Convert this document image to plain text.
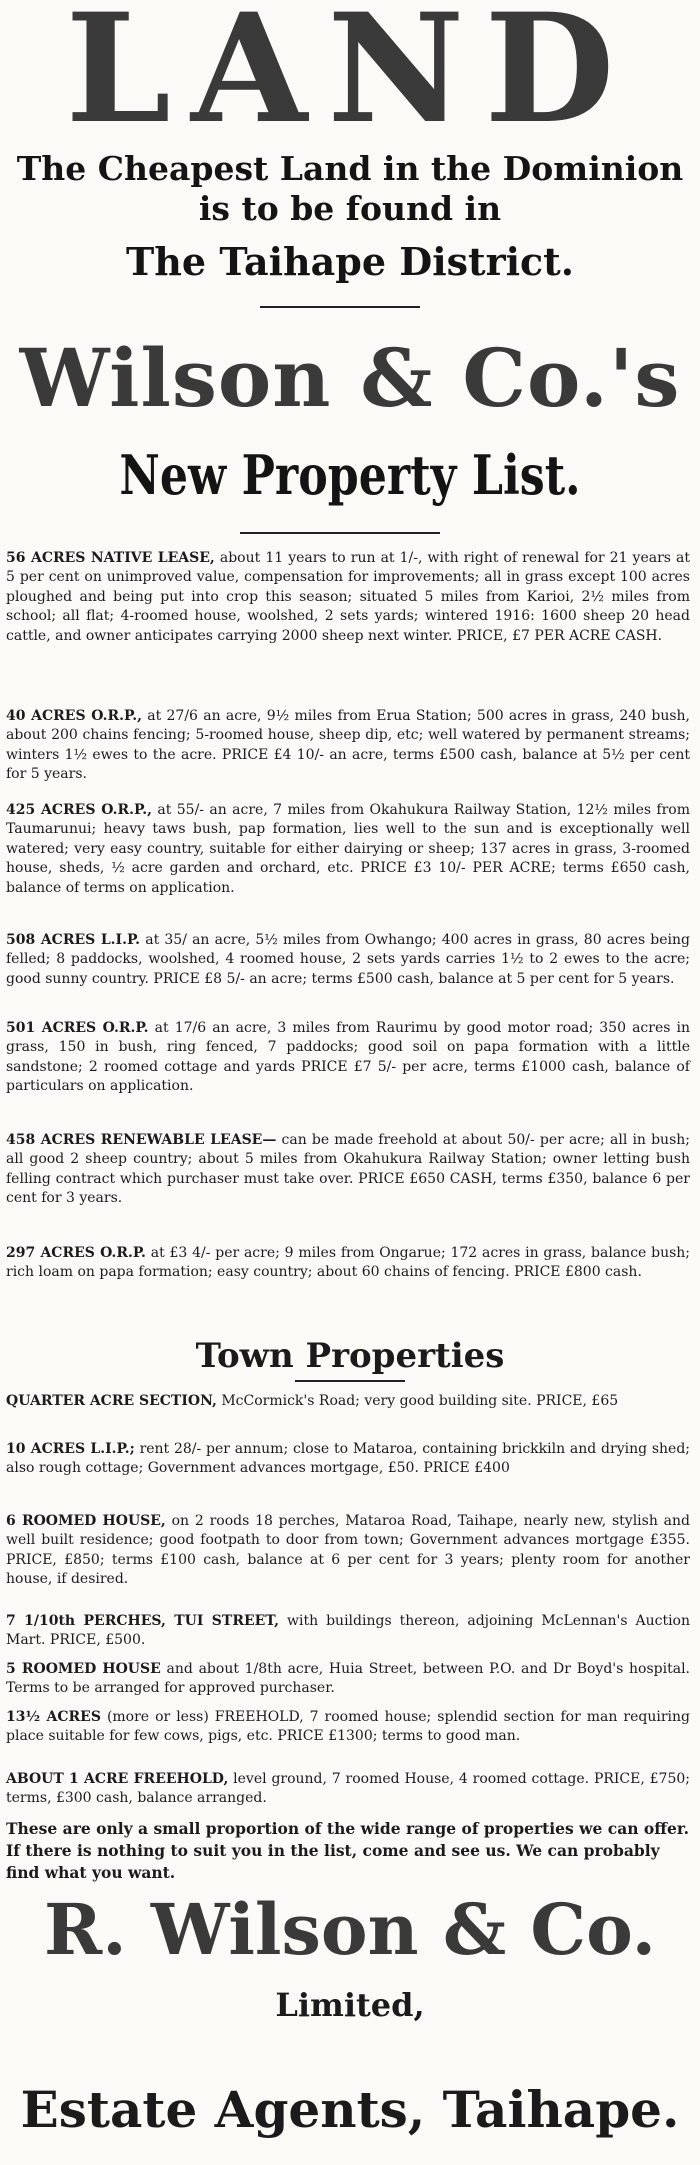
LAND
The Cheapest Land in the Dominion
is to be found in
The Taihape District.
Wilson & Co.'s
New Property List.
56 ACRES NATIVE LEASE, about 11 years to run at 1/-, with right of renewal for 21 years at 5 per cent on unimproved value, compensation for improvements; all in grass except 100 acres ploughed and being put into crop this season; situated 5 miles from Karioi, 2½ miles from school; all flat; 4-roomed house, woolshed, 2 sets yards; wintered 1916: 1600 sheep 20 head cattle, and owner anticipates carrying 2000 sheep next winter. PRICE, £7 PER ACRE CASH.
40 ACRES O.R.P., at 27/6 an acre, 9½ miles from Erua Station; 500 acres in grass, 240 bush, about 200 chains fencing; 5-roomed house, sheep dip, etc; well watered by permanent streams; winters 1½ ewes to the acre. PRICE £4 10/- an acre, terms £500 cash, balance at 5½ per cent for 5 years.
425 ACRES O.R.P., at 55/- an acre, 7 miles from Okahukura Railway Station, 12½ miles from Taumarunui; heavy taws bush, pap formation, lies well to the sun and is exceptionally well watered; very easy country, suitable for either dairying or sheep; 137 acres in grass, 3-roomed house, sheds, ½ acre garden and orchard, etc. PRICE £3 10/- PER ACRE; terms £650 cash, balance of terms on application.
508 ACRES L.I.P. at 35/ an acre, 5½ miles from Owhango; 400 acres in grass, 80 acres being felled; 8 paddocks, woolshed, 4 roomed house, 2 sets yards carries 1½ to 2 ewes to the acre; good sunny country. PRICE £8 5/- an acre; terms £500 cash, balance at 5 per cent for 5 years.
501 ACRES O.R.P. at 17/6 an acre, 3 miles from Raurimu by good motor road; 350 acres in grass, 150 in bush, ring fenced, 7 paddocks; good soil on papa formation with a little sandstone; 2 roomed cottage and yards PRICE £7 5/- per acre, terms £1000 cash, balance of particulars on application.
458 ACRES RENEWABLE LEASE— can be made freehold at about 50/- per acre; all in bush; all good 2 sheep country; about 5 miles from Okahukura Railway Station; owner letting bush felling contract which purchaser must take over. PRICE £650 CASH, terms £350, balance 6 per cent for 3 years.
297 ACRES O.R.P. at £3 4/- per acre; 9 miles from Ongarue; 172 acres in grass, balance bush; rich loam on papa formation; easy country; about 60 chains of fencing. PRICE £800 cash.
Town Properties
QUARTER ACRE SECTION, McCormick's Road; very good building site. PRICE, £65
10 ACRES L.I.P.; rent 28/- per annum; close to Mataroa, containing brickkiln and drying shed; also rough cottage; Government advances mortgage, £50. PRICE £400
6 ROOMED HOUSE, on 2 roods 18 perches, Mataroa Road, Taihape, nearly new, stylish and well built residence; good footpath to door from town; Government advances mortgage £355. PRICE, £850; terms £100 cash, balance at 6 per cent for 3 years; plenty room for another house, if desired.
7 1/10th PERCHES, TUI STREET, with buildings thereon, adjoining McLennan's Auction Mart. PRICE, £500.
5 ROOMED HOUSE and about 1/8th acre, Huia Street, between P.O. and Dr Boyd's hospital. Terms to be arranged for approved purchaser.
13½ ACRES (more or less) FREEHOLD, 7 roomed house; splendid section for man requiring place suitable for few cows, pigs, etc. PRICE £1300; terms to good man.
ABOUT 1 ACRE FREEHOLD, level ground, 7 roomed House, 4 roomed cottage. PRICE, £750; terms, £300 cash, balance arranged.
These are only a small proportion of the wide range of properties we can offer. If there is nothing to suit you in the list, come and see us. We can probably find what you want.
R. Wilson & Co.
Limited,
Estate Agents, Taihape.
